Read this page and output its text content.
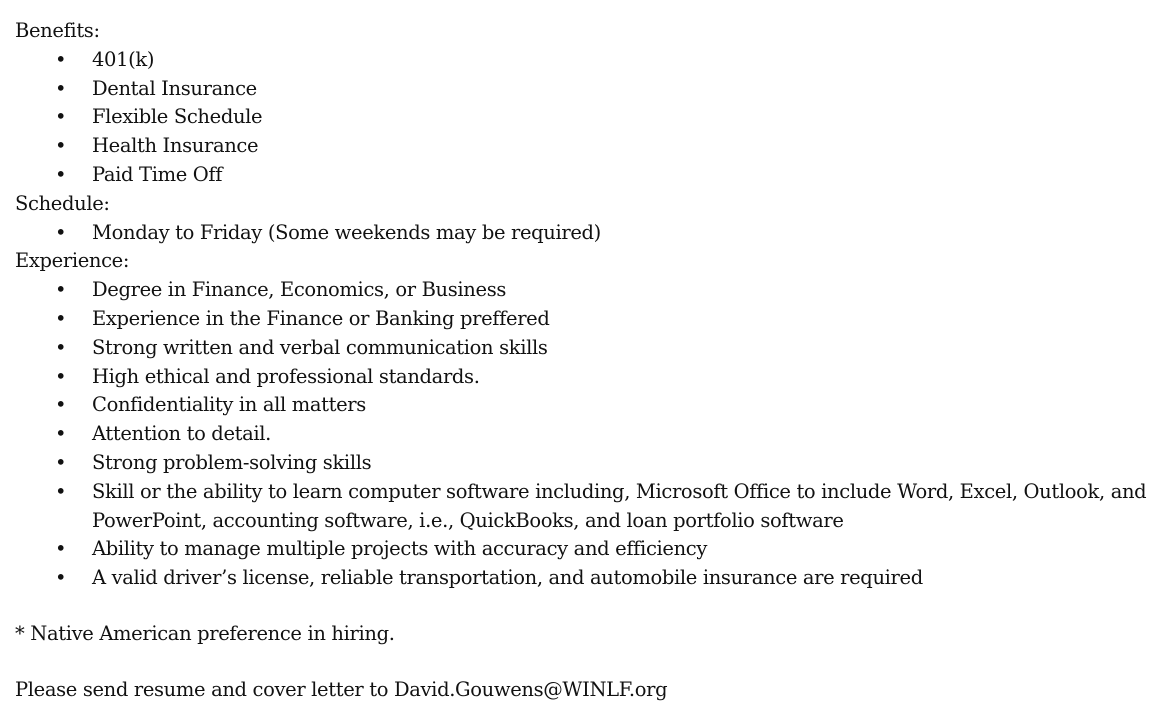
Benefits:
•
401(k)
•
Dental Insurance
•
Flexible Schedule
•
Health Insurance
•
Paid Time Off
Schedule:
•
Monday to Friday (Some weekends may be required)
Experience:
•
Degree in Finance, Economics, or Business
•
Experience in the Finance or Banking preffered
•
Strong written and verbal communication skills
•
High ethical and professional standards.
•
Confidentiality in all matters
•
Attention to detail.
•
Strong problem-solving skills
•
Skill or the ability to learn computer software including, Microsoft Office to include Word, Excel, Outlook, and PowerPoint, accounting software, i.e., QuickBooks, and loan portfolio software
•
Ability to manage multiple projects with accuracy and efficiency
•
A valid driver’s license, reliable transportation, and automobile insurance are required

* Native American preference in hiring.

Please send resume and cover letter to David.Gouwens@WINLF.org
